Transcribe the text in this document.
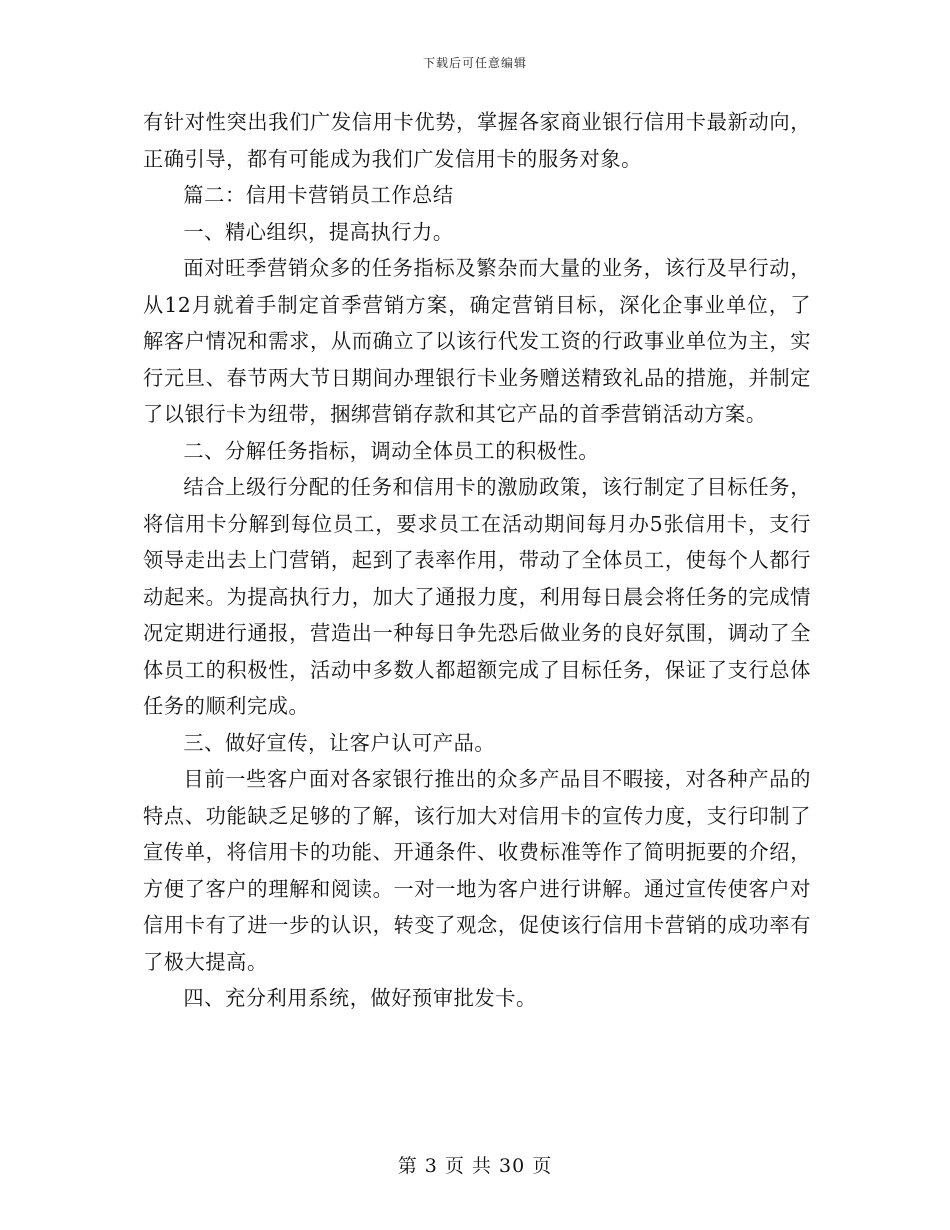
下载后可任意编辑

有针对性突出我们广发信用卡优势，掌握各家商业银行信用卡最新动向，正确引导，都有可能成为我们广发信用卡的服务对象。

篇二：信用卡营销员工作总结

一、精心组织，提高执行力。

面对旺季营销众多的任务指标及繁杂而大量的业务，该行及早行动，从12月就着手制定首季营销方案，确定营销目标，深化企事业单位，了解客户情况和需求，从而确立了以该行代发工资的行政事业单位为主，实行元旦、春节两大节日期间办理银行卡业务赠送精致礼品的措施，并制定了以银行卡为纽带，捆绑营销存款和其它产品的首季营销活动方案。

二、分解任务指标，调动全体员工的积极性。

结合上级行分配的任务和信用卡的激励政策，该行制定了目标任务，将信用卡分解到每位员工，要求员工在活动期间每月办5张信用卡，支行领导走出去上门营销，起到了表率作用，带动了全体员工，使每个人都行动起来。为提高执行力，加大了通报力度，利用每日晨会将任务的完成情况定期进行通报，营造出一种每日争先恐后做业务的良好氛围，调动了全体员工的积极性，活动中多数人都超额完成了目标任务，保证了支行总体任务的顺利完成。

三、做好宣传，让客户认可产品。

目前一些客户面对各家银行推出的众多产品目不暇接，对各种产品的特点、功能缺乏足够的了解，该行加大对信用卡的宣传力度，支行印制了宣传单，将信用卡的功能、开通条件、收费标准等作了简明扼要的介绍，方便了客户的理解和阅读。一对一地为客户进行讲解。通过宣传使客户对信用卡有了进一步的认识，转变了观念，促使该行信用卡营销的成功率有了极大提高。

四、充分利用系统，做好预审批发卡。

第 3 页 共 30 页
